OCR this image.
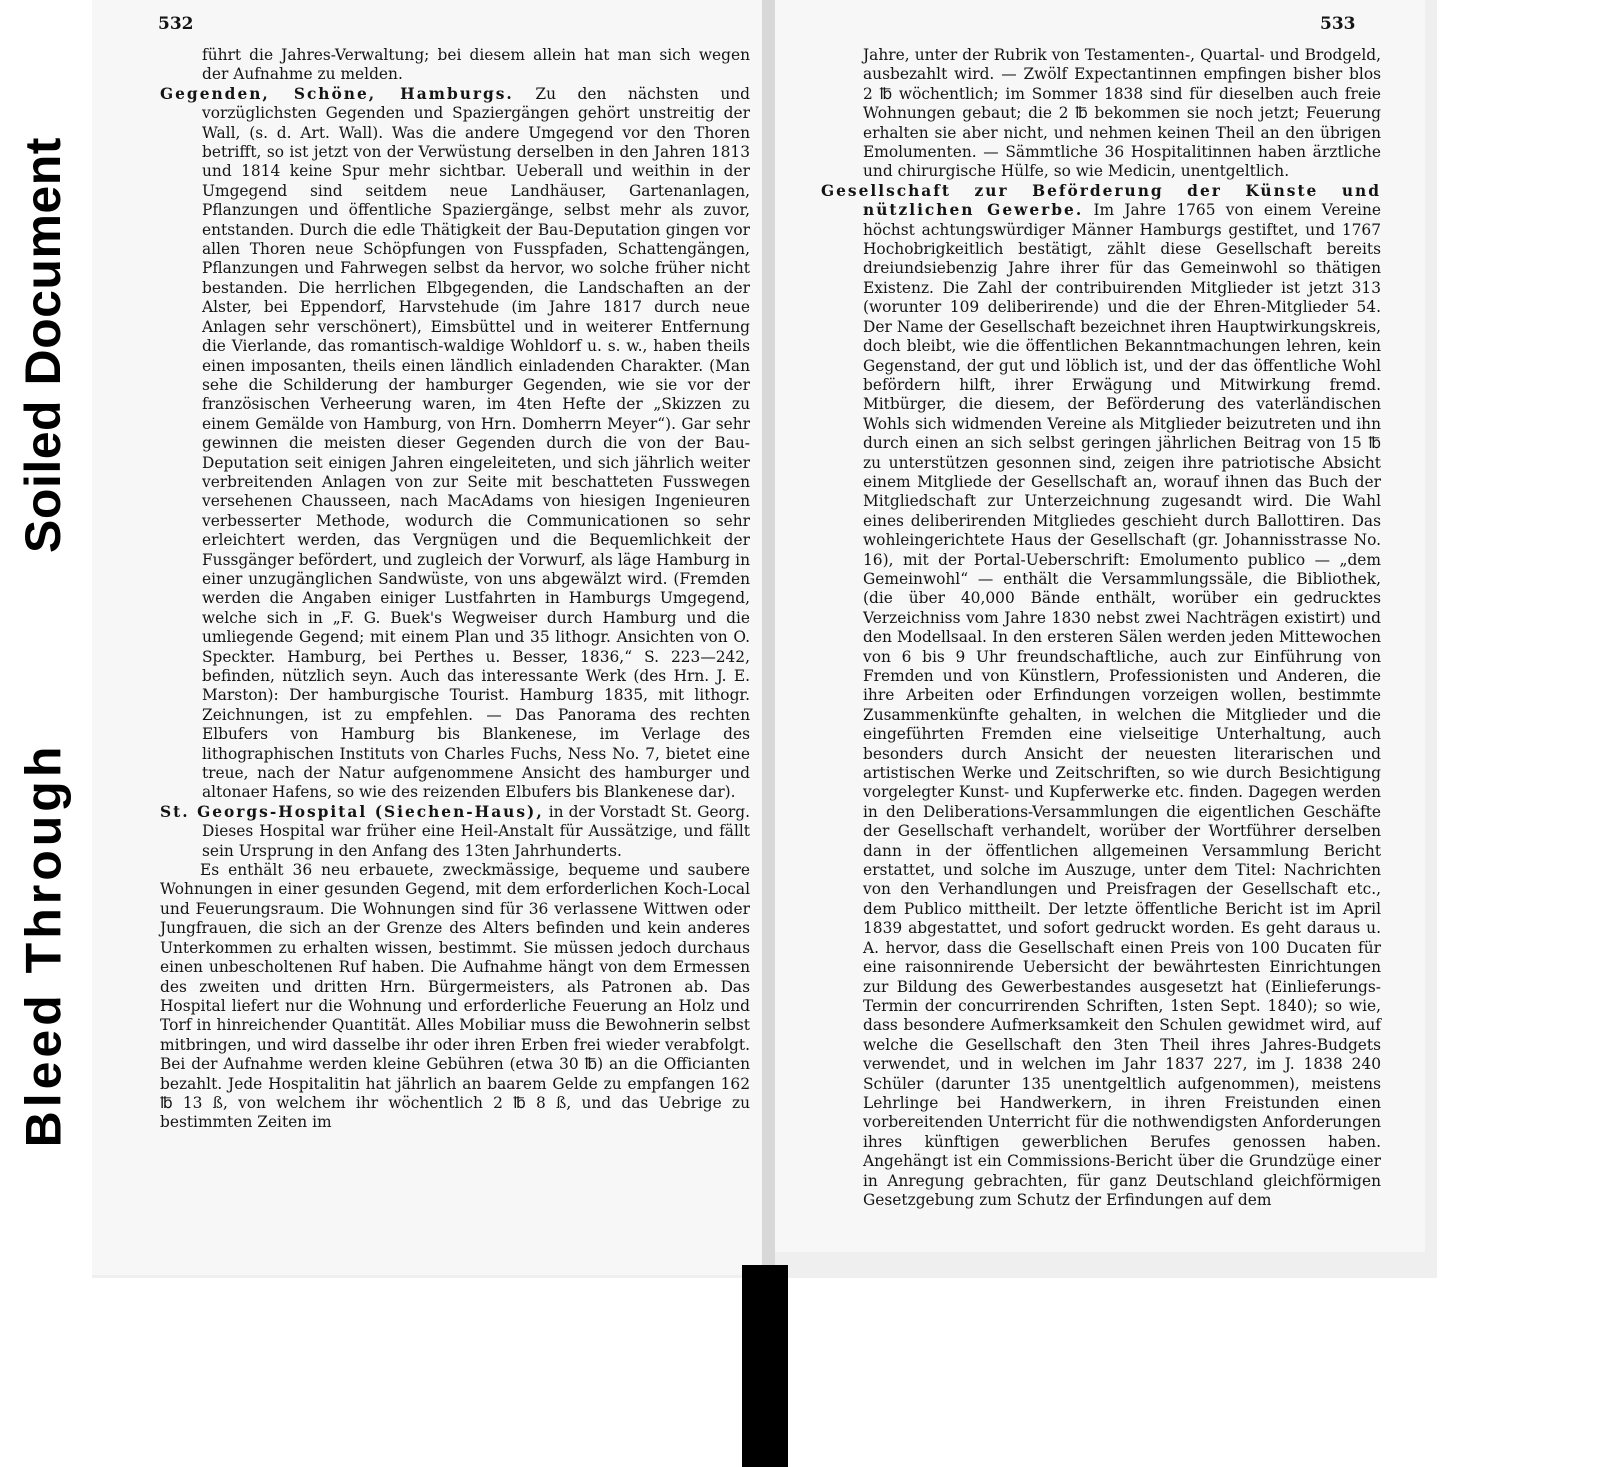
Soiled Document
Bleed Through
532

führt die Jahres-Verwaltung; bei diesem allein hat man sich wegen der Aufnahme zu melden.

Gegenden, Schöne, Hamburgs. Zu den nächsten und vorzüglichsten Gegenden und Spaziergängen gehört unstreitig der Wall, (s. d. Art. Wall). Was die andere Umgegend vor den Thoren betrifft, so ist jetzt von der Verwüstung derselben in den Jahren 1813 und 1814 keine Spur mehr sichtbar. Ueberall und weithin in der Umgegend sind seitdem neue Landhäuser, Gartenanlagen, Pflanzungen und öffentliche Spaziergänge, selbst mehr als zuvor, entstanden. Durch die edle Thätigkeit der Bau-Deputation gingen vor allen Thoren neue Schöpfungen von Fusspfaden, Schattengängen, Pflanzungen und Fahrwegen selbst da hervor, wo solche früher nicht bestanden. Die herrlichen Elbgegenden, die Landschaften an der Alster, bei Eppendorf, Harvstehude (im Jahre 1817 durch neue Anlagen sehr verschönert), Eimsbüttel und in weiterer Entfernung die Vierlande, das romantisch-waldige Wohldorf u. s. w., haben theils einen imposanten, theils einen ländlich einladenden Charakter. (Man sehe die Schilderung der hamburger Gegenden, wie sie vor der französischen Verheerung waren, im 4ten Hefte der „Skizzen zu einem Gemälde von Hamburg, von Hrn. Domherrn Meyer“). Gar sehr gewinnen die meisten dieser Gegenden durch die von der Bau-Deputation seit einigen Jahren eingeleiteten, und sich jährlich weiter verbreitenden Anlagen von zur Seite mit beschatteten Fusswegen versehenen Chausseen, nach MacAdams von hiesigen Ingenieuren verbesserter Methode, wodurch die Communicationen so sehr erleichtert werden, das Vergnügen und die Bequemlichkeit der Fussgänger befördert, und zugleich der Vorwurf, als läge Hamburg in einer unzugänglichen Sandwüste, von uns abgewälzt wird. (Fremden werden die Angaben einiger Lustfahrten in Hamburgs Umgegend, welche sich in „F. G. Buek's Wegweiser durch Hamburg und die umliegende Gegend; mit einem Plan und 35 lithogr. Ansichten von O. Speckter. Hamburg, bei Perthes u. Besser, 1836,“ S. 223—242, befinden, nützlich seyn. Auch das interessante Werk (des Hrn. J. E. Marston): Der hamburgische Tourist. Hamburg 1835, mit lithogr. Zeichnungen, ist zu empfehlen. — Das Panorama des rechten Elbufers von Hamburg bis Blankenese, im Verlage des lithographischen Instituts von Charles Fuchs, Ness No. 7, bietet eine treue, nach der Natur aufgenommene Ansicht des hamburger und altonaer Hafens, so wie des reizenden Elbufers bis Blankenese dar).

St. Georgs-Hospital (Siechen-Haus), in der Vorstadt St. Georg. Dieses Hospital war früher eine Heil-Anstalt für Aussätzige, und fällt sein Ursprung in den Anfang des 13ten Jahrhunderts.

Es enthält 36 neu erbauete, zweckmässige, bequeme und saubere Wohnungen in einer gesunden Gegend, mit dem erforderlichen Koch-Local und Feuerungsraum. Die Wohnungen sind für 36 verlassene Wittwen oder Jungfrauen, die sich an der Grenze des Alters befinden und kein anderes Unterkommen zu erhalten wissen, bestimmt. Sie müssen jedoch durchaus einen unbescholtenen Ruf haben. Die Aufnahme hängt von dem Ermessen des zweiten und dritten Hrn. Bürgermeisters, als Patronen ab. Das Hospital liefert nur die Wohnung und erforderliche Feuerung an Holz und Torf in hinreichender Quantität. Alles Mobiliar muss die Bewohnerin selbst mitbringen, und wird dasselbe ihr oder ihren Erben frei wieder verabfolgt. Bei der Aufnahme werden kleine Gebühren (etwa 30 ℔) an die Officianten bezahlt. Jede Hospitalitin hat jährlich an baarem Gelde zu empfangen 162 ℔ 13 ß, von welchem ihr wöchentlich 2 ℔ 8 ß, und das Uebrige zu bestimmten Zeiten im

533

Jahre, unter der Rubrik von Testamenten-, Quartal- und Brodgeld, ausbezahlt wird. — Zwölf Expectantinnen empfingen bisher blos 2 ℔ wöchentlich; im Sommer 1838 sind für dieselben auch freie Wohnungen gebaut; die 2 ℔ bekommen sie noch jetzt; Feuerung erhalten sie aber nicht, und nehmen keinen Theil an den übrigen Emolumenten. — Sämmtliche 36 Hospitalitinnen haben ärztliche und chirurgische Hülfe, so wie Medicin, unentgeltlich.

Gesellschaft zur Beförderung der Künste und nützlichen Gewerbe. Im Jahre 1765 von einem Vereine höchst achtungswürdiger Männer Hamburgs gestiftet, und 1767 Hochobrigkeitlich bestätigt, zählt diese Gesellschaft bereits dreiundsiebenzig Jahre ihrer für das Gemeinwohl so thätigen Existenz. Die Zahl der contribuirenden Mitglieder ist jetzt 313 (worunter 109 deliberirende) und die der Ehren-Mitglieder 54. Der Name der Gesellschaft bezeichnet ihren Hauptwirkungskreis, doch bleibt, wie die öffentlichen Bekanntmachungen lehren, kein Gegenstand, der gut und löblich ist, und der das öffentliche Wohl befördern hilft, ihrer Erwägung und Mitwirkung fremd. Mitbürger, die diesem, der Beförderung des vaterländischen Wohls sich widmenden Vereine als Mitglieder beizutreten und ihn durch einen an sich selbst geringen jährlichen Beitrag von 15 ℔ zu unterstützen gesonnen sind, zeigen ihre patriotische Absicht einem Mitgliede der Gesellschaft an, worauf ihnen das Buch der Mitgliedschaft zur Unterzeichnung zugesandt wird. Die Wahl eines deliberirenden Mitgliedes geschieht durch Ballottiren. Das wohleingerichtete Haus der Gesellschaft (gr. Johannisstrasse No. 16), mit der Portal-Ueberschrift: Emolumento publico — „dem Gemeinwohl“ — enthält die Versammlungssäle, die Bibliothek, (die über 40,000 Bände enthält, worüber ein gedrucktes Verzeichniss vom Jahre 1830 nebst zwei Nachträgen existirt) und den Modellsaal. In den ersteren Sälen werden jeden Mittewochen von 6 bis 9 Uhr freundschaftliche, auch zur Einführung von Fremden und von Künstlern, Professionisten und Anderen, die ihre Arbeiten oder Erfindungen vorzeigen wollen, bestimmte Zusammenkünfte gehalten, in welchen die Mitglieder und die eingeführten Fremden eine vielseitige Unterhaltung, auch besonders durch Ansicht der neuesten literarischen und artistischen Werke und Zeitschriften, so wie durch Besichtigung vorgelegter Kunst- und Kupferwerke etc. finden. Dagegen werden in den Deliberations-Versammlungen die eigentlichen Geschäfte der Gesellschaft verhandelt, worüber der Wortführer derselben dann in der öffentlichen allgemeinen Versammlung Bericht erstattet, und solche im Auszuge, unter dem Titel: Nachrichten von den Verhandlungen und Preisfragen der Gesellschaft etc., dem Publico mittheilt. Der letzte öffentliche Bericht ist im April 1839 abgestattet, und sofort gedruckt worden. Es geht daraus u. A. hervor, dass die Gesellschaft einen Preis von 100 Ducaten für eine raisonnirende Uebersicht der bewährtesten Einrichtungen zur Bildung des Gewerbestandes ausgesetzt hat (Einlieferungs-Termin der concurrirenden Schriften, 1sten Sept. 1840); so wie, dass besondere Aufmerksamkeit den Schulen gewidmet wird, auf welche die Gesellschaft den 3ten Theil ihres Jahres-Budgets verwendet, und in welchen im Jahr 1837 227, im J. 1838 240 Schüler (darunter 135 unentgeltlich aufgenommen), meistens Lehrlinge bei Handwerkern, in ihren Freistunden einen vorbereitenden Unterricht für die nothwendigsten Anforderungen ihres künftigen gewerblichen Berufes genossen haben. Angehängt ist ein Commissions-Bericht über die Grundzüge einer in Anregung gebrachten, für ganz Deutschland gleichförmigen Gesetzgebung zum Schutz der Erfindungen auf dem
